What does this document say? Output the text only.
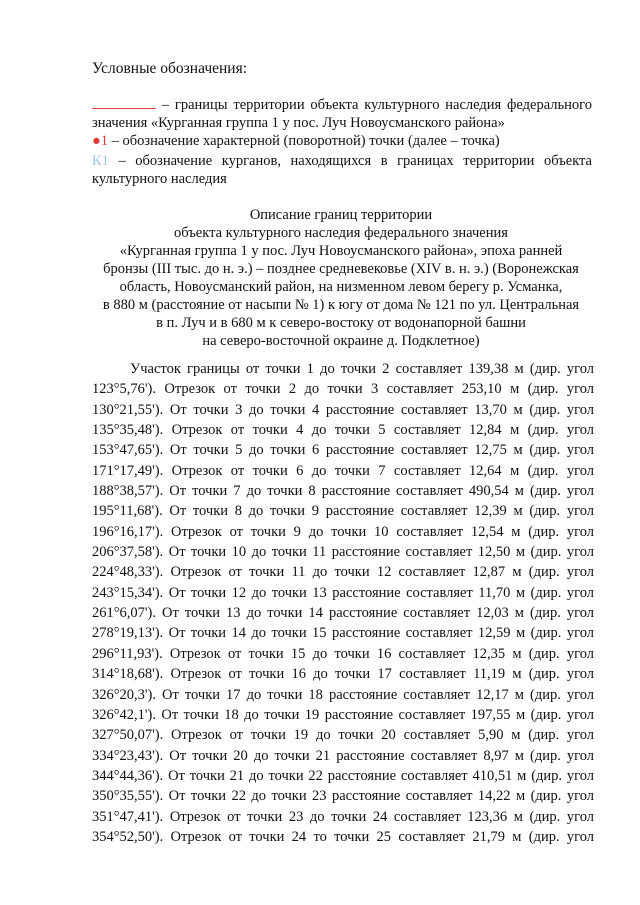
Условные обозначения:
– границы территории объекта культурного наследия федерального значения «Курганная группа 1 у пос. Луч Новоусманского района»
●1 – обозначение характерной (поворотной) точки (далее – точка)
К1 – обозначение курганов, находящихся в границах территории объекта культурного наследия
Описание границ территории
объекта культурного наследия федерального значения
«Курганная группа 1 у пос. Луч Новоусманского района», эпоха ранней
бронзы (III тыс. до н. э.) – позднее средневековье (XIV в. н. э.) (Воронежская
область, Новоусманский район, на низменном левом берегу р. Усманка,
в 880 м (расстояние от насыпи № 1) к югу от дома № 121 по ул. Центральная
в п. Луч и в 680 м к северо-востоку от водонапорной башни
на северо-восточной окраине д. Подклетное)
Участок границы от точки 1 до точки 2 составляет 139,38 м (дир. угол
123°5,76'). Отрезок от точки 2 до точки 3 составляет 253,10 м (дир. угол
130°21,55'). От точки 3 до точки 4 расстояние составляет 13,70 м (дир. угол
135°35,48'). Отрезок от точки 4 до точки 5 составляет 12,84 м (дир. угол
153°47,65'). От точки 5 до точки 6 расстояние составляет 12,75 м (дир. угол
171°17,49'). Отрезок от точки 6 до точки 7 составляет 12,64 м (дир. угол
188°38,57'). От точки 7 до точки 8 расстояние составляет 490,54 м (дир. угол
195°11,68'). От точки 8 до точки 9 расстояние составляет 12,39 м (дир. угол
196°16,17'). Отрезок от точки 9 до точки 10 составляет 12,54 м (дир. угол
206°37,58'). От точки 10 до точки 11 расстояние составляет 12,50 м (дир. угол
224°48,33'). Отрезок от точки 11 до точки 12 составляет 12,87 м (дир. угол
243°15,34'). От точки 12 до точки 13 расстояние составляет 11,70 м (дир. угол
261°6,07'). От точки 13 до точки 14 расстояние составляет 12,03 м (дир. угол
278°19,13'). От точки 14 до точки 15 расстояние составляет 12,59 м (дир. угол
296°11,93'). Отрезок от точки 15 до точки 16 составляет 12,35 м (дир. угол
314°18,68'). Отрезок от точки 16 до точки 17 составляет 11,19 м (дир. угол
326°20,3'). От точки 17 до точки 18 расстояние составляет 12,17 м (дир. угол
326°42,1'). От точки 18 до точки 19 расстояние составляет 197,55 м (дир. угол
327°50,07'). Отрезок от точки 19 до точки 20 составляет 5,90 м (дир. угол
334°23,43'). От точки 20 до точки 21 расстояние составляет 8,97 м (дир. угол
344°44,36'). От точки 21 до точки 22 расстояние составляет 410,51 м (дир. угол
350°35,55'). От точки 22 до точки 23 расстояние составляет 14,22 м (дир. угол
351°47,41'). Отрезок от точки 23 до точки 24 составляет 123,36 м (дир. угол
354°52,50'). Отрезок от точки 24 то точки 25 составляет 21,79 м (дир. угол
